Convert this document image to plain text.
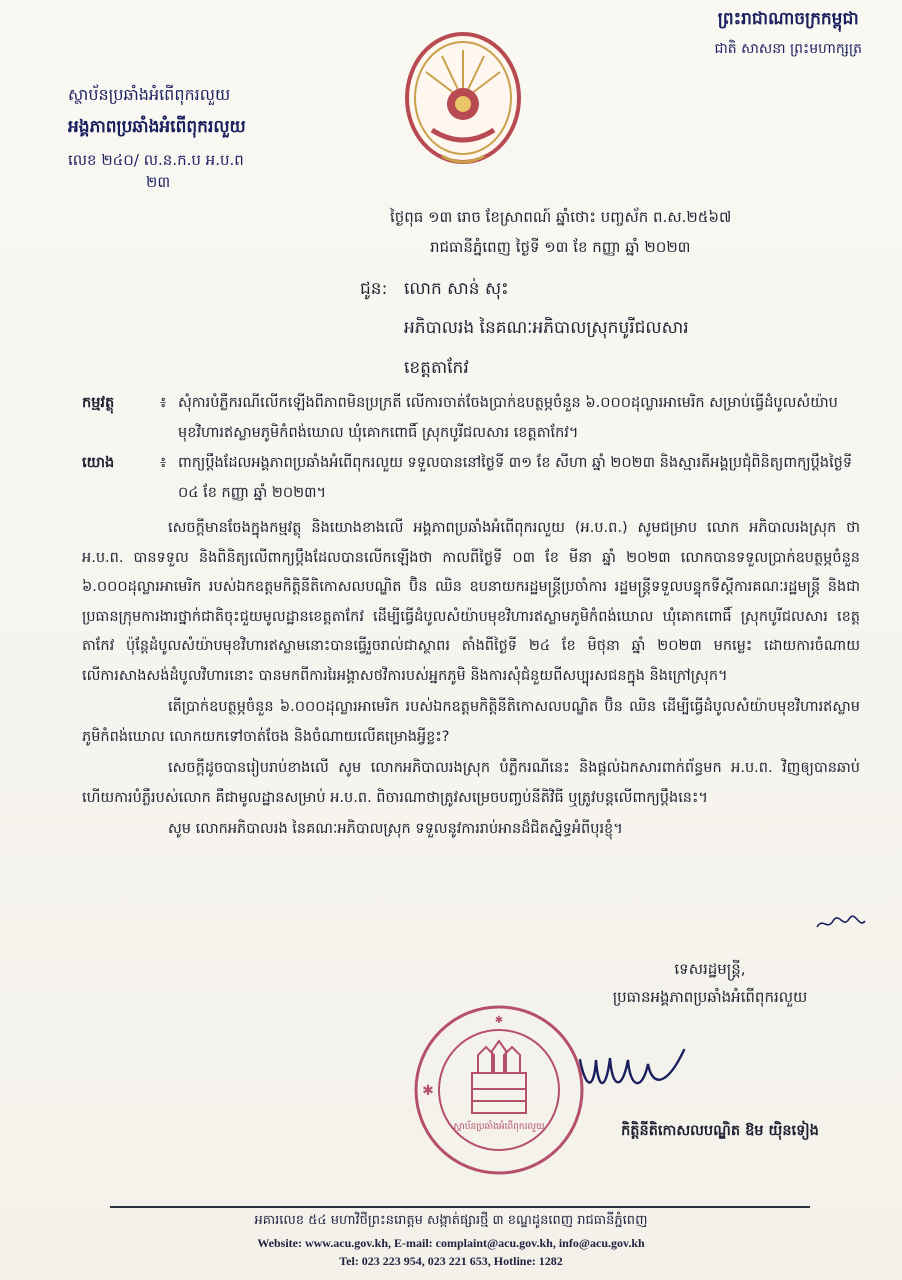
ព្រះរាជាណាចក្រកម្ពុជា
ជាតិ សាសនា ព្រះមហាក្សត្រ
ស្ថាប័នប្រឆាំងអំពើពុករលួយ
អង្គភាពប្រឆាំងអំពើពុករលួយ
លេខ ២៤០/ ល.ន.ក.ប អ.ប.ព
២៣
ថ្ងៃពុធ ១៣ រោច ខែស្រាពណ៍ ឆ្នាំថោះ បញ្ចស័ក ព.ស.២៥៦៧
រាជធានីភ្នំពេញ ថ្ងៃទី ១៣ ខែ កញ្ញា ឆ្នាំ ២០២៣
ជូន: លោក សាន់ សុះ
អភិបាលរង នៃគណៈអភិបាលស្រុកបូរីជលសារ
ខេត្តតាកែវ
កម្មវត្ថុ	៖ សុំការបំភ្លឺករណីលើកឡើងពីភាពមិនប្រក្រតី លើការចាត់ចែងប្រាក់ឧបត្ថម្ភចំនួន ៦.០០០ដុល្លារអាមេរិក សម្រាប់ធ្វើដំបូលសំយ៉ាបមុខវិហារឥស្លាមភូមិកំពង់ឃោល ឃុំគោកពោធិ៍ ស្រុកបូរីជលសារ ខេត្តតាកែវ។
យោង	៖ ពាក្យប្តឹងដែលអង្គភាពប្រឆាំងអំពើពុករលួយ ទទួលបាននៅថ្ងៃទី ៣១ ខែ សីហា ឆ្នាំ ២០២៣ និងស្មារតីអង្គប្រជុំពិនិត្យពាក្យប្តឹងថ្ងៃទី ០៤ ខែ កញ្ញា ឆ្នាំ ២០២៣។

សេចក្តីមានចែងក្នុងកម្មវត្ថុ និងយោងខាងលើ អង្គភាពប្រឆាំងអំពើពុករលួយ (អ.ប.ព.) សូមជម្រាប លោក អភិបាលរងស្រុក ថា អ.ប.ព. បានទទួល និងពិនិត្យលើពាក្យប្តឹងដែលបានលើកឡើងថា កាលពីថ្ងៃទី ០៣ ខែ មីនា ឆ្នាំ ២០២៣ លោកបានទទួលប្រាក់ឧបត្ថម្ភចំនួន ៦.០០០ដុល្លារអាមេរិក របស់ឯកឧត្តមកិត្តិនីតិកោសលបណ្ឌិត ប៊ិន ឈិន ឧបនាយករដ្ឋមន្ត្រីប្រចាំការ រដ្ឋមន្ត្រីទទួលបន្ទុកទីស្តីការគណៈរដ្ឋមន្ត្រី និងជាប្រធានក្រុមការងារថ្នាក់ជាតិចុះជួយមូលដ្ឋានខេត្តតាកែវ ដើម្បីធ្វើដំបូលសំយ៉ាបមុខវិហារឥស្លាមភូមិកំពង់ឃោល ឃុំគោកពោធិ៍ ស្រុកបូរីជលសារ ខេត្តតាកែវ ប៉ុន្តែដំបូលសំយ៉ាបមុខវិហារឥស្លាមនោះបានធ្វើរួចរាល់ជាស្ថាពរ តាំងពីថ្ងៃទី ២៤ ខែ មិថុនា ឆ្នាំ ២០២៣ មកម្លេះ ដោយការចំណាយលើការសាងសង់ដំបូលវិហារនោះ បានមកពីការរៃអង្គាសថវិការបស់អ្នកភូមិ និងការសុំជំនួយពីសប្បុរសជនក្នុង និងក្រៅស្រុក។

តើប្រាក់ឧបត្ថម្ភចំនួន ៦.០០០ដុល្លារអាមេរិក របស់ឯកឧត្តមកិត្តិនីតិកោសលបណ្ឌិត ប៊ិន ឈិន ដើម្បីធ្វើដំបូលសំយ៉ាបមុខវិហារឥស្លាមភូមិកំពង់ឃោល លោកយកទៅចាត់ចែង និងចំណាយលើគម្រោងអ្វីខ្លះ?

សេចក្តីដូចបានរៀបរាប់ខាងលើ សូម លោកអភិបាលរងស្រុក បំភ្លឺករណីនេះ និងផ្តល់ឯកសារពាក់ព័ន្ធមក អ.ប.ព. វិញឲ្យបានឆាប់ ហើយការបំភ្លឺរបស់លោក គឺជាមូលដ្ឋានសម្រាប់ អ.ប.ព. ពិចារណាថាត្រូវសម្រេចបញ្ចប់នីតិវិធី ឬត្រូវបន្តលើពាក្យប្តឹងនេះ។

សូម លោកអភិបាលរង នៃគណៈអភិបាលស្រុក ទទួលនូវការរាប់អានដ៏ជិតស្និទ្ធអំពីបុរខ្ញុំ។

ទេសរដ្ឋមន្ត្រី,
ប្រធានអង្គភាពប្រឆាំងអំពើពុករលួយ
កិត្តិនីតិកោសលបណ្ឌិត ឱម យ៉ិនទៀង
✱
✱
ស្ថាប័នប្រឆាំងអំពើពុករលួយ
អគារលេខ ៥៤ មហាវិថីព្រះនរោត្តម សង្កាត់ផ្សារថ្មី ៣ ខណ្ឌដូនពេញ រាជធានីភ្នំពេញ
Website: www.acu.gov.kh, E-mail: complaint@acu.gov.kh, info@acu.gov.kh
Tel: 023 223 954, 023 221 653, Hotline: 1282
